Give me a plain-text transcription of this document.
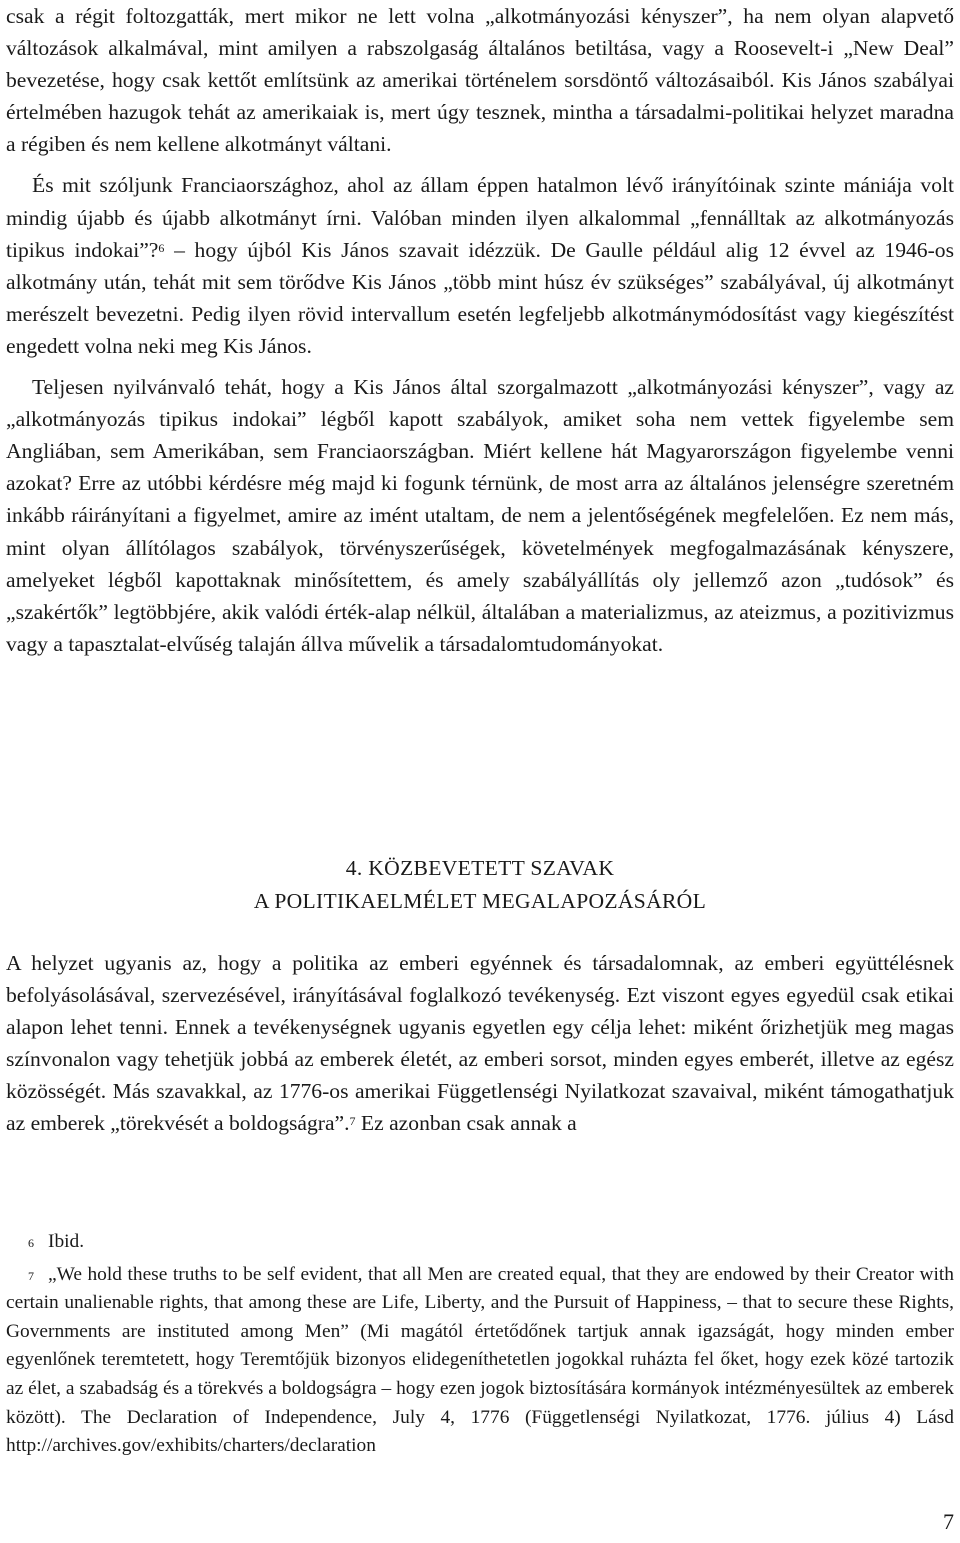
csak a régit foltozgatták, mert mikor ne lett volna „alkotmányozási kényszer”, ha nem olyan alapvető változások alkalmával, mint amilyen a rabszolgaság általános betiltása, vagy a Roosevelt-i „New Deal” bevezetése, hogy csak kettőt említsünk az amerikai történelem sorsdöntő változásaiból. Kis János szabályai értelmében hazugok tehát az amerikaiak is, mert úgy tesznek, mintha a társadalmi-politikai helyzet maradna a régiben és nem kellene alkotmányt váltani.

És mit szóljunk Franciaországhoz, ahol az állam éppen hatalmon lévő irányítóinak szinte mániája volt mindig újabb és újabb alkotmányt írni. Valóban minden ilyen alkalommal „fennálltak az alkotmányozás tipikus indokai”?$^6$ – hogy újból Kis János szavait idézzük. De Gaulle például alig 12 évvel az 1946-os alkotmány után, tehát mit sem törődve Kis János „több mint húsz év szükséges” szabályával, új alkotmányt merészelt bevezetni. Pedig ilyen rövid intervallum esetén legfeljebb alkotmánymódosítást vagy kiegészítést engedett volna neki meg Kis János.

Teljesen nyilvánvaló tehát, hogy a Kis János által szorgalmazott „alkotmányozási kényszer”, vagy az „alkotmányozás tipikus indokai” légből kapott szabályok, amiket soha nem vettek figyelembe sem Angliában, sem Amerikában, sem Franciaországban. Miért kellene hát Magyarországon figyelembe venni azokat? Erre az utóbbi kérdésre még majd ki fogunk térnünk, de most arra az általános jelenségre szeretném inkább ráirányítani a figyelmet, amire az imént utaltam, de nem a jelentőségének megfelelően. Ez nem más, mint olyan állítólagos szabályok, törvényszerűségek, követelmények megfogalmazásának kényszere, amelyeket légből kapottaknak minősítettem, és amely szabályállítás oly jellemző azon „tudósok” és „szakértők” legtöbbjére, akik valódi érték-alap nélkül, általában a materializmus, az ateizmus, a pozitivizmus vagy a tapasztalat-elvűség talaján állva művelik a társadalomtudományokat.

4. KÖZBEVETETT SZAVAK
A POLITIKAELMÉLET MEGALAPOZÁSÁRÓL

A helyzet ugyanis az, hogy a politika az emberi egyénnek és társadalomnak, az emberi együttélésnek befolyásolásával, szervezésével, irányításával foglalkozó tevékenység. Ezt viszont egyes egyedül csak etikai alapon lehet tenni. Ennek a tevékenységnek ugyanis egyetlen egy célja lehet: miként őrizhetjük meg magas színvonalon vagy tehetjük jobbá az emberek életét, az emberi sorsot, minden egyes emberét, illetve az egész közösségét. Más szavakkal, az 1776-os amerikai Függetlenségi Nyilatkozat szavaival, miként támogathatjuk az emberek „törekvését a boldogságra”.$^7$ Ez azonban csak annak a

6 Ibid.

7 „We hold these truths to be self evident, that all Men are created equal, that they are endowed by their Creator with certain unalienable rights, that among these are Life, Liberty, and the Pursuit of Happiness, – that to secure these Rights, Governments are instituted among Men” (Mi magától értetődőnek tartjuk annak igazságát, hogy minden ember egyenlőnek teremtetett, hogy Teremtőjük bizonyos elidegeníthetetlen jogokkal ruházta fel őket, hogy ezek közé tartozik az élet, a szabadság és a törekvés a boldogságra – hogy ezen jogok biztosítására kormányok intézményesültek az emberek között). The Declaration of Independence, July 4, 1776 (Függetlenségi Nyilatkozat, 1776. július 4) Lásd http://archives.gov/exhibits/charters/declaration

7
